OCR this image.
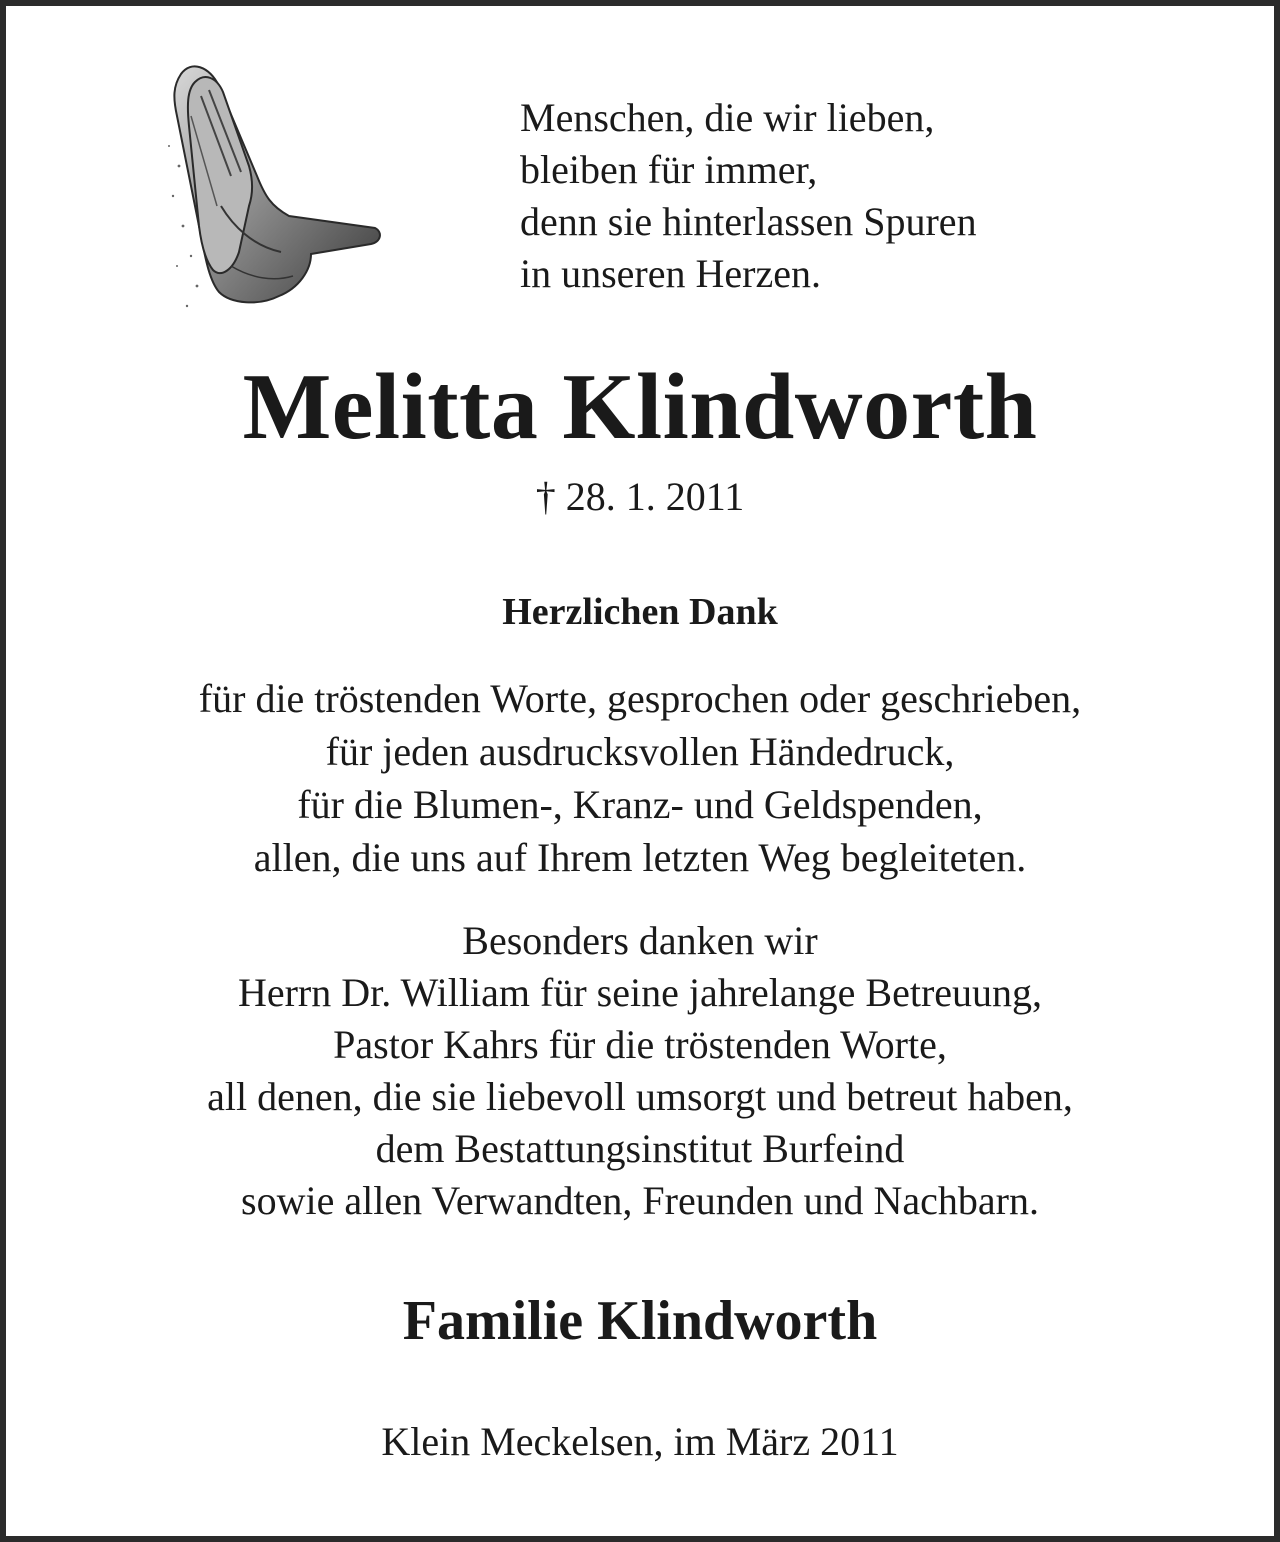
Menschen, die wir lieben,
bleiben für immer,
denn sie hinterlassen Spuren
in unseren Herzen.
Melitta Klindworth
† 28. 1. 2011
Herzlichen Dank
für die tröstenden Worte, gesprochen oder geschrieben,
für jeden ausdrucksvollen Händedruck,
für die Blumen-, Kranz- und Geldspenden,
allen, die uns auf Ihrem letzten Weg begleiteten.
Besonders danken wir
Herrn Dr. William für seine jahrelange Betreuung,
Pastor Kahrs für die tröstenden Worte,
all denen, die sie liebevoll umsorgt und betreut haben,
dem Bestattungsinstitut Burfeind
sowie allen Verwandten, Freunden und Nachbarn.
Familie Klindworth
Klein Meckelsen, im März 2011
